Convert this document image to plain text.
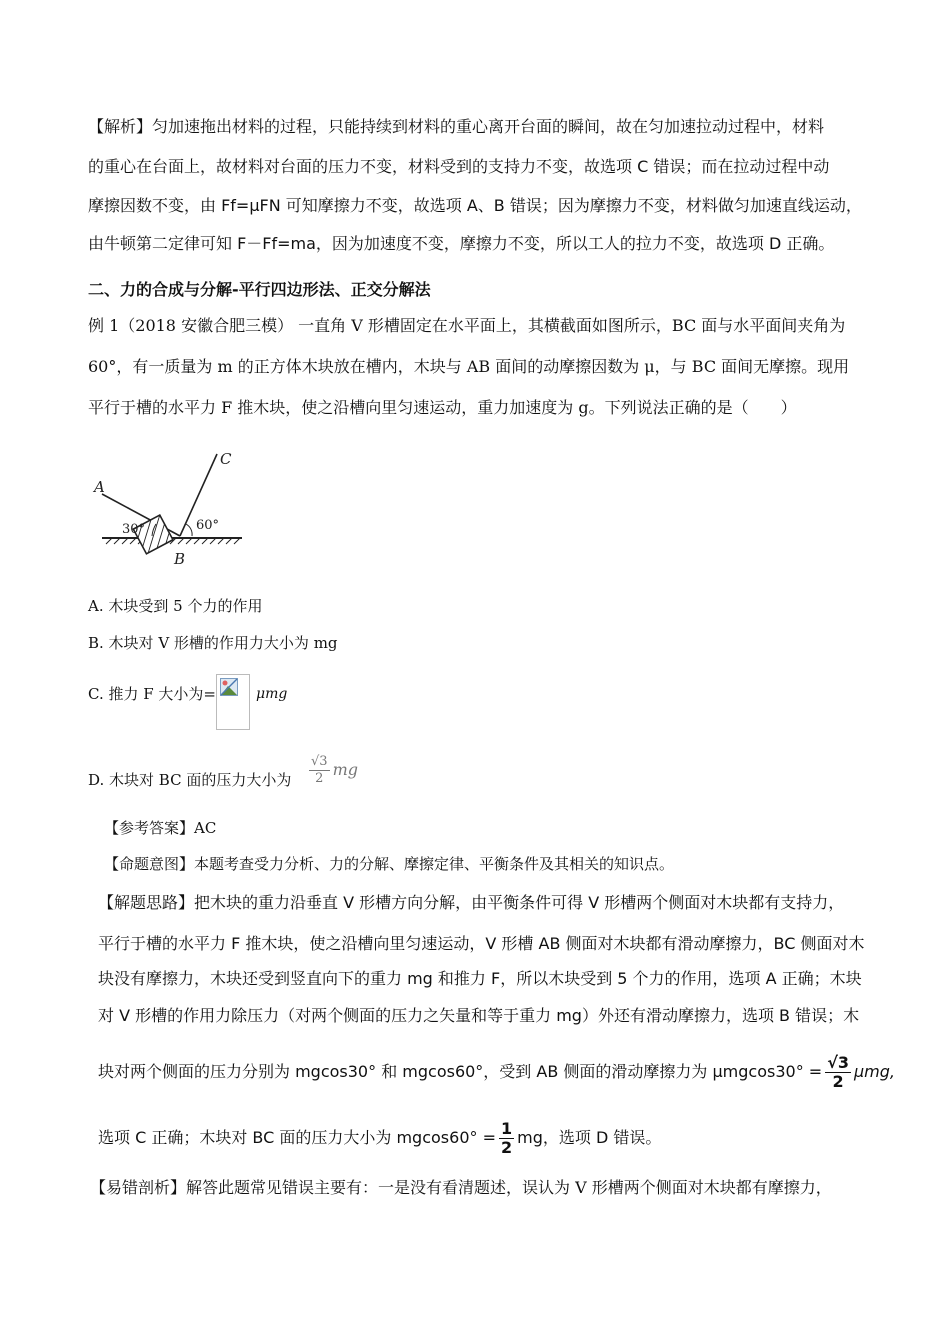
【解析】匀加速拖出材料的过程，只能持续到材料的重心离开台面的瞬间，故在匀加速拉动过程中，材料
的重心在台面上，故材料对台面的压力不变，材料受到的支持力不变，故选项 C 错误；而在拉动过程中动
摩擦因数不变，由 Ff=μFN 可知摩擦力不变，故选项 A、B 错误；因为摩擦力不变，材料做匀加速直线运动，
由牛顿第二定律可知 F－Ff=ma，因为加速度不变，摩擦力不变，所以工人的拉力不变，故选项 D 正确。
二、力的合成与分解-平行四边形法、正交分解法
例 1（2018 安徽合肥三模） 一直角 V 形槽固定在水平面上，其横截面如图所示，BC 面与水平面间夹角为
60°，有一质量为 m 的正方体木块放在槽内，木块与 AB 面间的动摩擦因数为 μ，与 BC 面间无摩擦。现用
平行于槽的水平力 F 推木块，使之沿槽向里匀速运动，重力加速度为 g。下列说法正确的是（　　）
A
B
C
30°	60°
A. 木块受到 5 个力的作用
B. 木块对 V 形槽的作用力大小为 mg
C. 推力 F 大小为=	μmg
D. 木块对 BC 面的压力大小为 $\frac{√3}{2}$ mg
【参考答案】AC
【命题意图】本题考查受力分析、力的分解、摩擦定律、平衡条件及其相关的知识点。
【解题思路】把木块的重力沿垂直 V 形槽方向分解，由平衡条件可得 V 形槽两个侧面对木块都有支持力，
平行于槽的水平力 F 推木块，使之沿槽向里匀速运动，V 形槽 AB 侧面对木块都有滑动摩擦力，BC 侧面对木
块没有摩擦力，木块还受到竖直向下的重力 mg 和推力 F，所以木块受到 5 个力的作用，选项 A 正确；木块
对 V 形槽的作用力除压力（对两个侧面的压力之矢量和等于重力 mg）外还有滑动摩擦力，选项 B 错误；木
块对两个侧面的压力分别为 mgcos30° 和 mgcos60°，受到 AB 侧面的滑动摩擦力为 $\mu mgcos30^\circ = \frac{√3}{2} \mu mg$,
选项 C 正确；木块对 BC 面的压力大小为 $mgcos60^\circ = \frac{1}{2}$ mg，选项 D 错误。
【易错剖析】解答此题常见错误主要有：一是没有看清题述，误认为 V 形槽两个侧面对木块都有摩擦力，
